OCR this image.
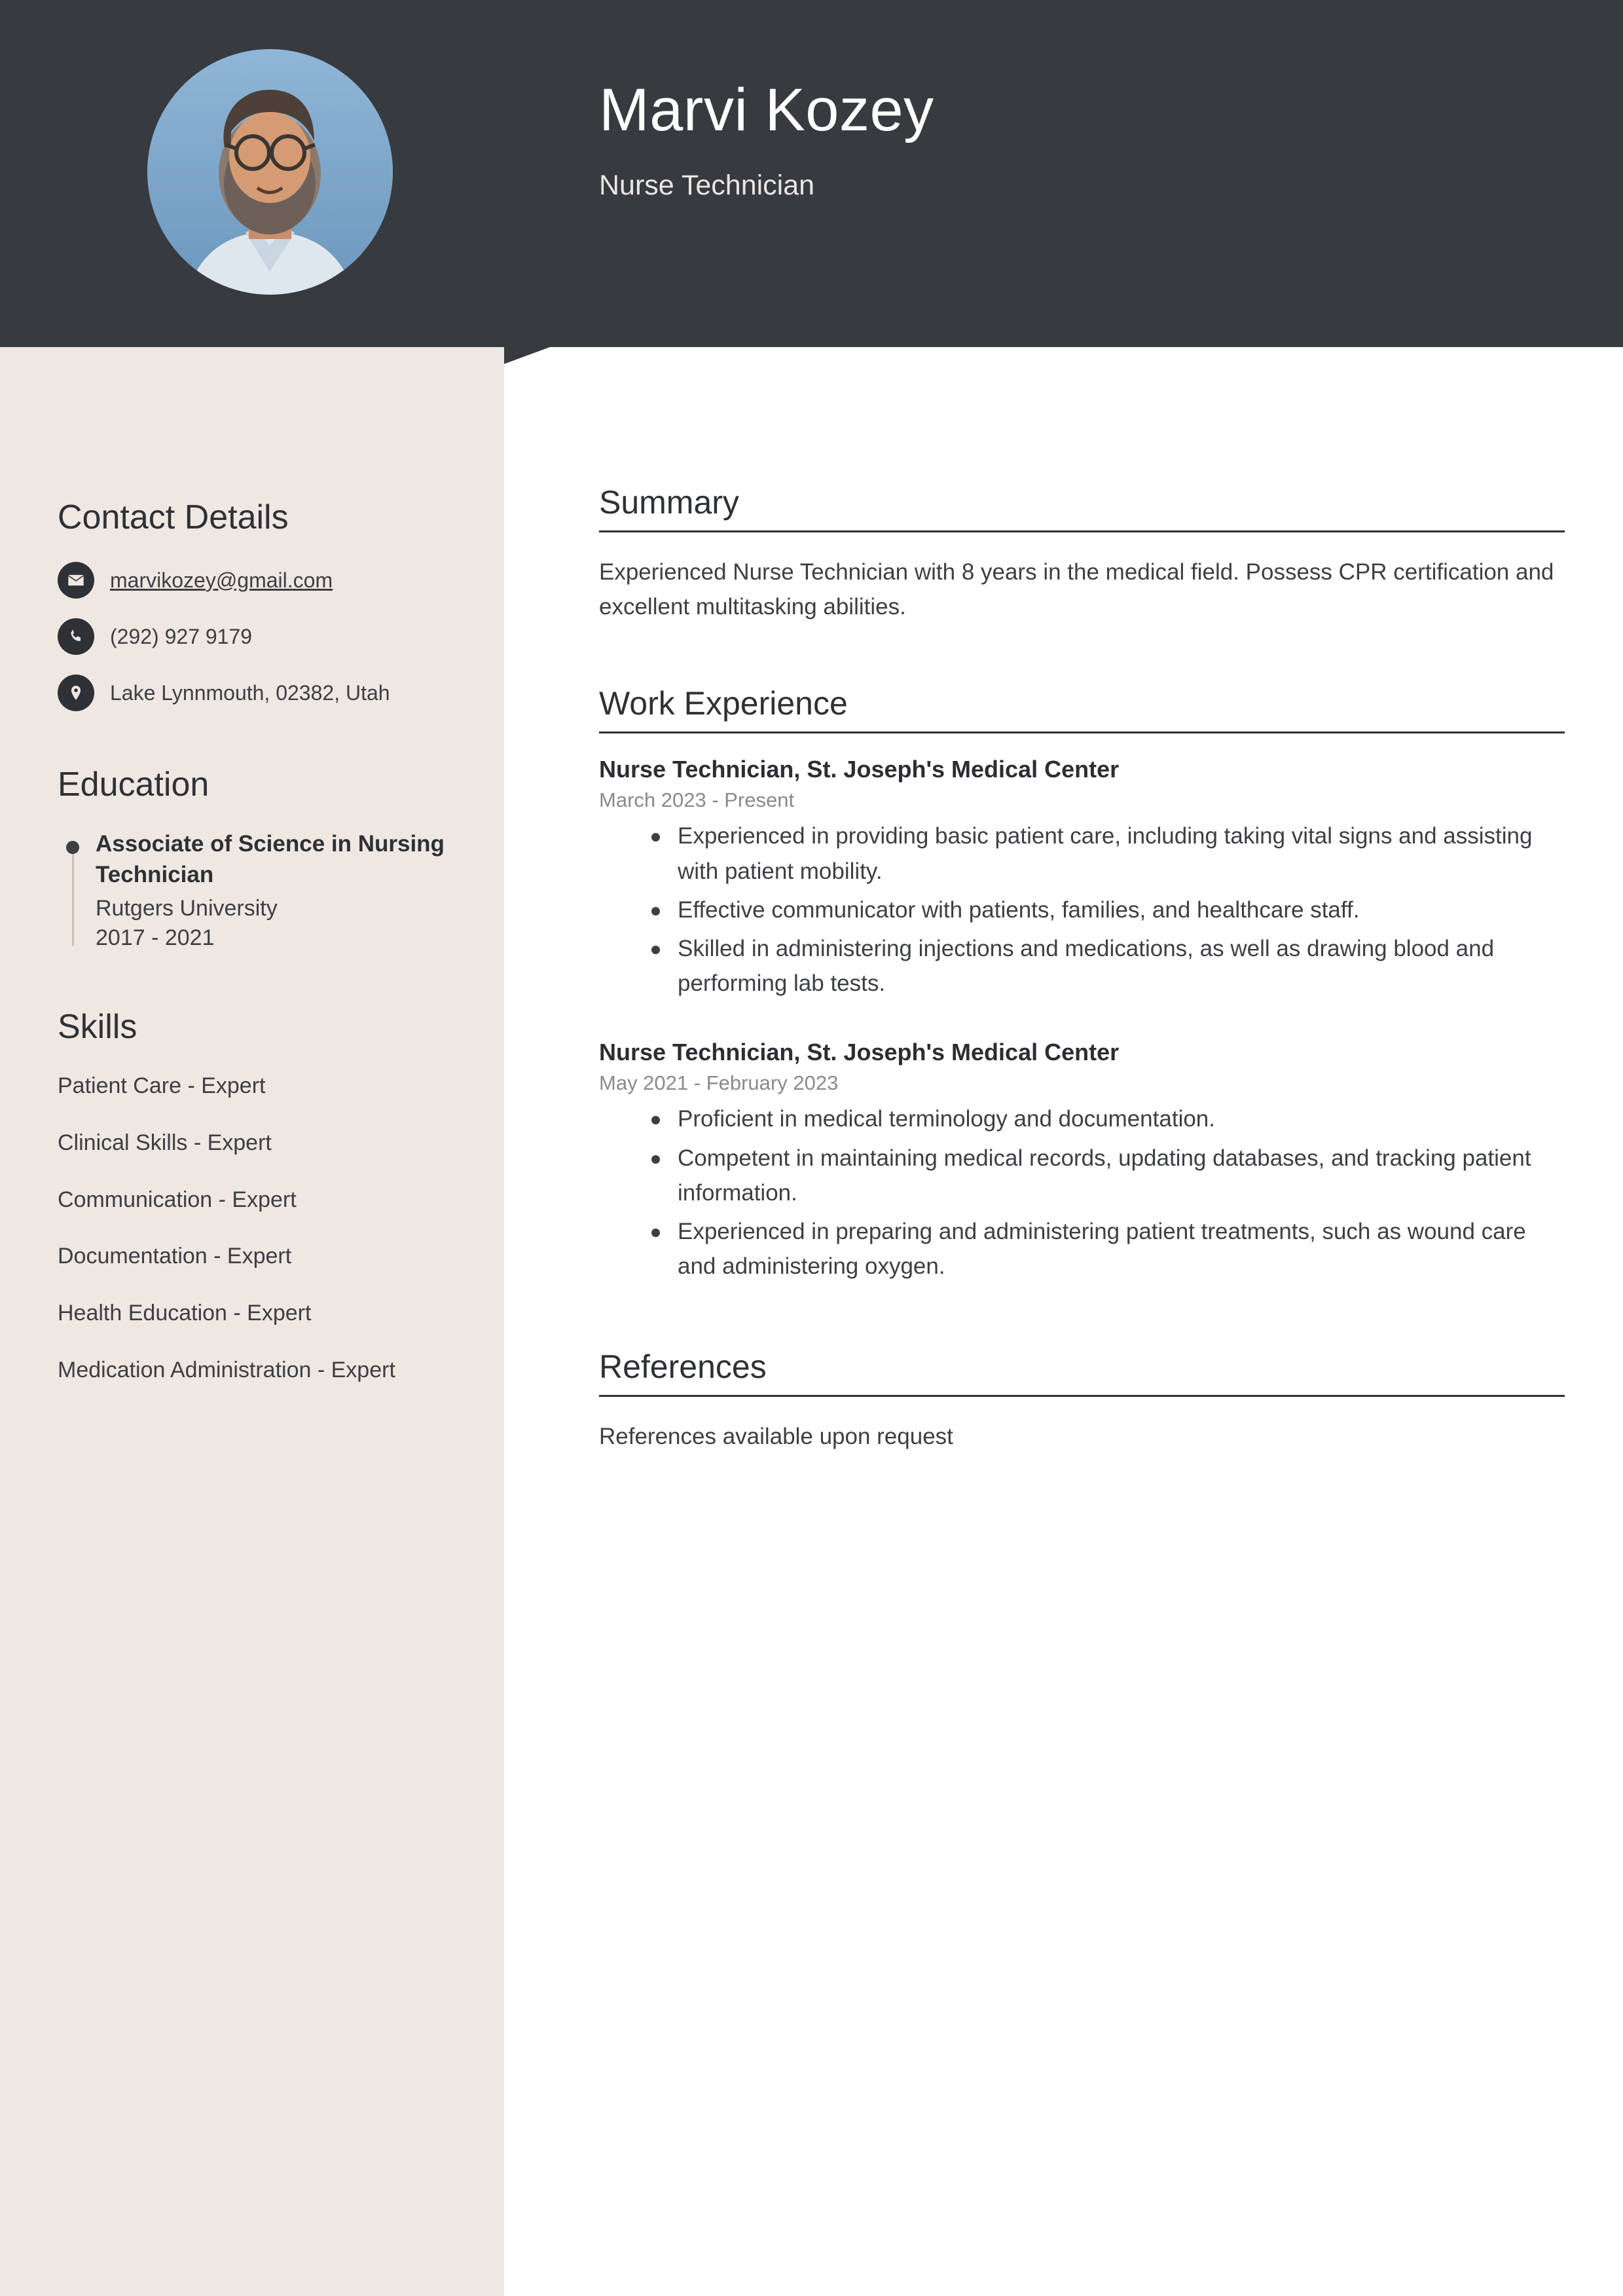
Marvi Kozey
Nurse Technician
Contact Details
marvikozey@gmail.com
(292) 927 9179
Lake Lynnmouth, 02382, Utah
Education
Associate of Science in Nursing Technician
Rutgers University
2017 - 2021
Skills
Patient Care - Expert
Clinical Skills - Expert
Communication - Expert
Documentation - Expert
Health Education - Expert
Medication Administration - Expert
Summary

Experienced Nurse Technician with 8 years in the medical field. Possess CPR certification and excellent multitasking abilities.

Work Experience
Nurse Technician, St. Joseph's Medical Center
March 2023 - Present
Experienced in providing basic patient care, including taking vital signs and assisting with patient mobility.
Effective communicator with patients, families, and healthcare staff.
Skilled in administering injections and medications, as well as drawing blood and performing lab tests.
Nurse Technician, St. Joseph's Medical Center
May 2021 - February 2023
Proficient in medical terminology and documentation.
Competent in maintaining medical records, updating databases, and tracking patient information.
Experienced in preparing and administering patient treatments, such as wound care and administering oxygen.
References

References available upon request
